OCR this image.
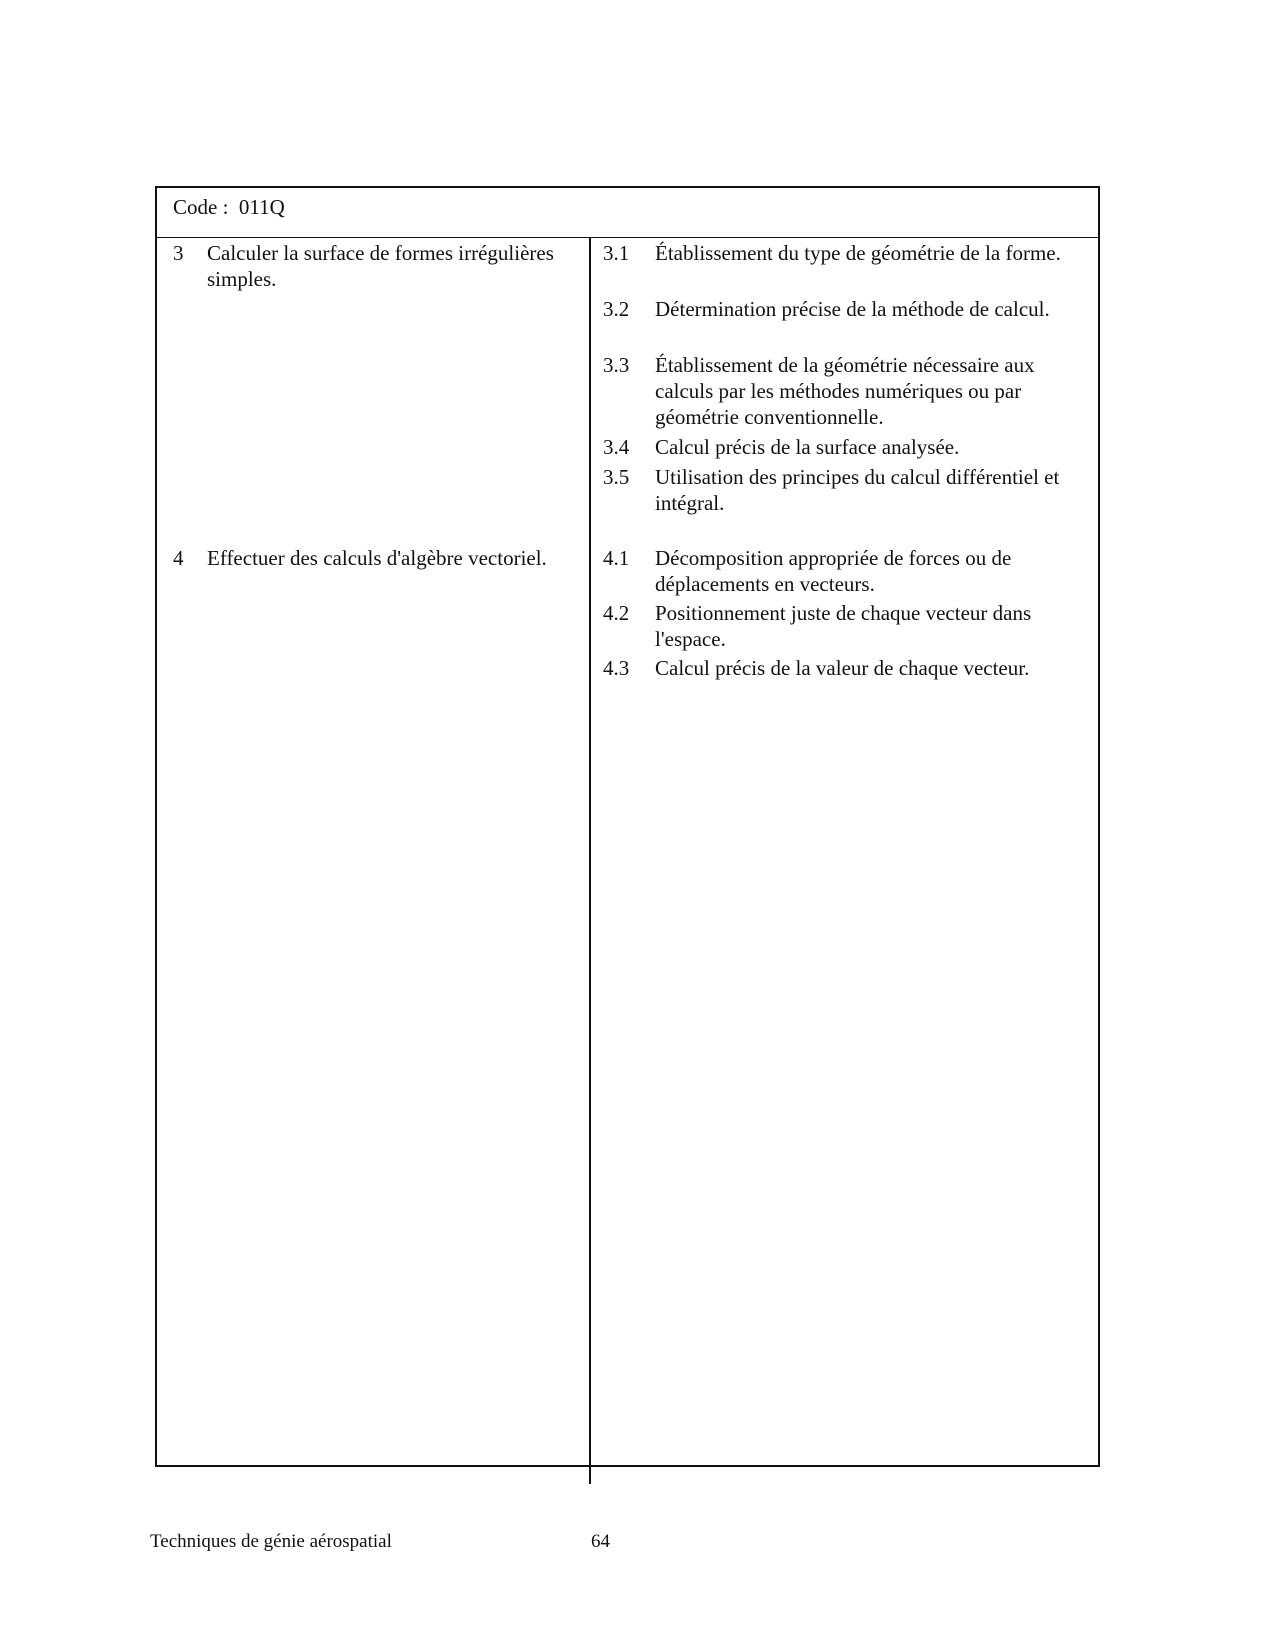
Code : 011Q
3 Calculer la surface de formes irrégulières simples.
4 Effectuer des calculs d'algèbre vectoriel.
3.1 Établissement du type de géométrie de la forme.
3.2 Détermination précise de la méthode de calcul.
3.3 Établissement de la géométrie nécessaire aux calculs par les méthodes numériques ou par géométrie conventionnelle.
3.4 Calcul précis de la surface analysée.
3.5 Utilisation des principes du calcul différentiel et intégral.
4.1 Décomposition appropriée de forces ou de déplacements en vecteurs.
4.2 Positionnement juste de chaque vecteur dans l'espace.
4.3 Calcul précis de la valeur de chaque vecteur.
Techniques de génie aérospatial	64
